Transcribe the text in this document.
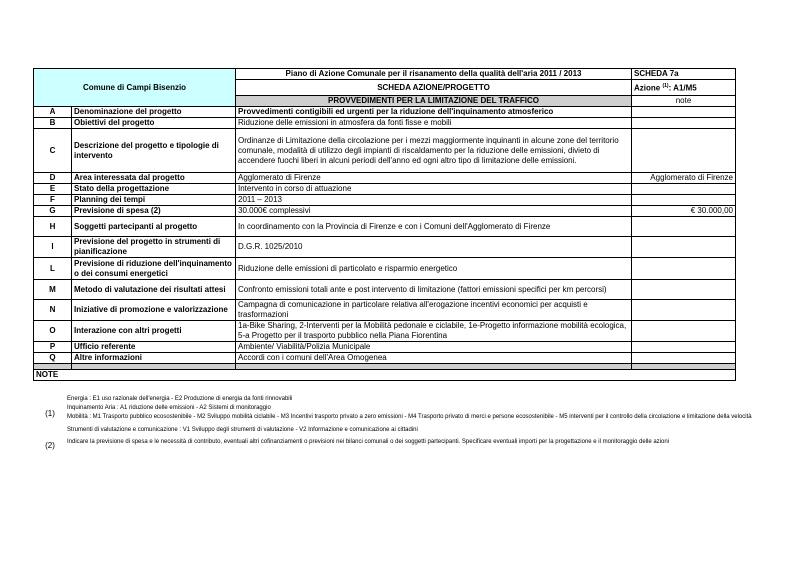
Comune di Campi Bisenzio		Piano di Azione Comunale per il risanamento della qualità dell'aria 2011 / 2013	SCHEDA 7a
		SCHEDA AZIONE/PROGETTO	Azione $^{(1)}$: A1/M5
		PROVVEDIMENTI PER LA LIMITAZIONE DEL TRAFFICO	note
A	Denominazione del progetto	Provvedimenti contigibili ed urgenti per la riduzione dell'inquinamento atmosferico	
B	Obiettivi del progetto	Riduzione delle emissioni in atmosfera da fonti fisse e mobili	
C	Descrizione del progetto e tipologie di intervento	Ordinanze di Limitazione della circolazione per i mezzi maggiormente inquinanti in alcune zone del territorio comunale, modalità di utilizzo degli impianti di riscaldamento per la riduzione delle emissioni, divieto di accendere fuochi liberi in alcuni periodi dell'anno ed ogni altro tipo di limitazione delle emissioni.	
D	Area interessata dal progetto	Agglomerato di Firenze	Agglomerato di Firenze
E	Stato della progettazione	Intervento in corso di attuazione	
F	Planning dei tempi	2011 – 2013	
G	Previsione di spesa (2)	30.000€ complessivi	€ 30.000,00
H	Soggetti partecipanti al progetto	In coordinamento con la Provincia di Firenze e con i Comuni dell'Agglomerato di Firenze	
I	Previsione del progetto in strumenti di pianificazione	D.G.R. 1025/2010	
L	Previsione di riduzione dell'inquinamento o dei consumi energetici	Riduzione delle emissioni di particolato e risparmio energetico	
M	Metodo di valutazione dei risultati attesi	Confronto emissioni totali ante e post intervento di limitazione (fattori emissioni specifici per km percorsi)	
N	Iniziative di promozione e valorizzazione	Campagna di comunicazione in particolare relativa all'erogazione incentivi economici per acquisti e trasformazioni	
O	Interazione con altri progetti	1a-Bike Sharing, 2-Interventi per la Mobilità pedonale e ciclabile, 1e-Progetto informazione mobilità ecologica, 5-a Progetto per il trasporto pubblico nella Piana Fiorentina	
P	Ufficio referente	Ambiente/ Viabilità/Polizia Municipale	
Q	Altre informazioni	Accordi con i comuni dell'Area Omogenea	

NOTE			
(1)
Energia : E1 uso razionale dell'energia - E2 Produzione di energia da fonti rinnovabili
Inquinamento Aria : A1 riduzione delle emissioni - A2 Sistemi di monitoraggio
Mobilità : M1 Trasporto pubblico ecosostenibile - M2 Sviluppo mobilità ciclabile - M3 Incentivi trasporto privato a zero emissioni - M4 Trasporto privato di merci e persone ecosostenibile - M5 interventi per il controllo della circolazione e limitazione della velocità
Strumenti di valutazione e comunicazione : V1 Sviluppo degli strumenti di valutazione - V2 Informazione e comunicazione ai cittadini
(2)	Indicare la previsione di spesa e le necessità di contributo, eventuali altri cofinanziamenti o previsioni nei bilanci comunali o dei soggetti partecipanti. Specificare eventuali importi per la progettazione e il monitoraggio delle azioni
